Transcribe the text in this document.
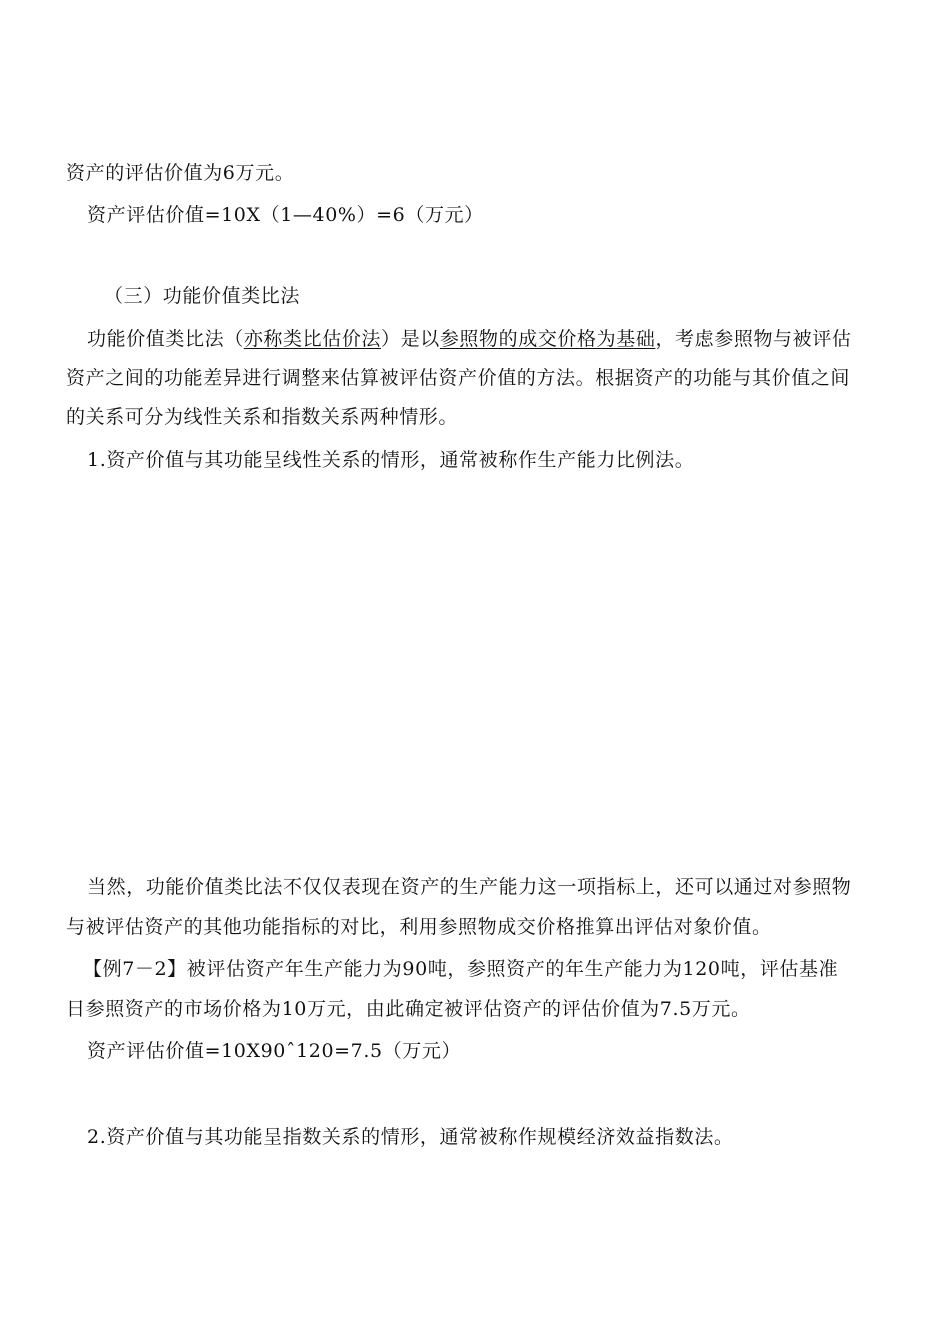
资产的评估价值为6万元。
资产评估价值=10X（1—40%）=6（万元）
（三）功能价值类比法
功能价值类比法（亦称类比估价法）是以参照物的成交价格为基础，考虑参照物与被评估
资产之间的功能差异进行调整来估算被评估资产价值的方法。根据资产的功能与其价值之间
的关系可分为线性关系和指数关系两种情形。
1.资产价值与其功能呈线性关系的情形，通常被称作生产能力比例法。
当然，功能价值类比法不仅仅表现在资产的生产能力这一项指标上，还可以通过对参照物
与被评估资产的其他功能指标的对比，利用参照物成交价格推算出评估对象价值。
【例7－2】被评估资产年生产能力为90吨，参照资产的年生产能力为120吨，评估基准
日参照资产的市场价格为10万元，由此确定被评估资产的评估价值为7.5万元。
资产评估价值=10X90ˆ120=7.5（万元）
2.资产价值与其功能呈指数关系的情形，通常被称作规模经济效益指数法。
